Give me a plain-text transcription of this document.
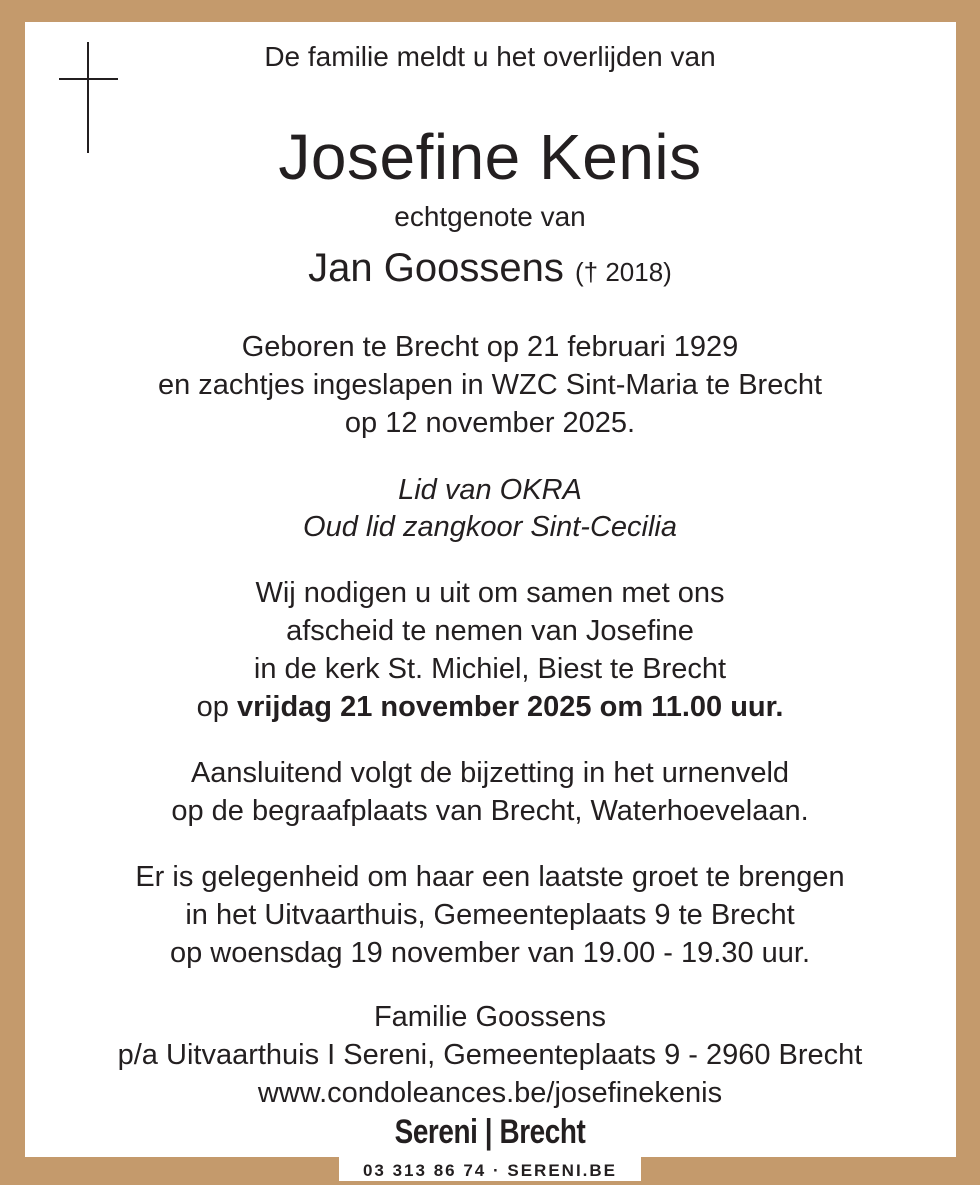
De familie meldt u het overlijden van
Josefine Kenis
echtgenote van
Jan Goossens († 2018)
Geboren te Brecht op 21 februari 1929
en zachtjes ingeslapen in WZC Sint-Maria te Brecht
op 12 november 2025.
Lid van OKRA
Oud lid zangkoor Sint-Cecilia
Wij nodigen u uit om samen met ons
afscheid te nemen van Josefine
in de kerk St. Michiel, Biest te Brecht
op vrijdag 21 november 2025 om 11.00 uur.
Aansluitend volgt de bijzetting in het urnenveld
op de begraafplaats van Brecht, Waterhoevelaan.
Er is gelegenheid om haar een laatste groet te brengen
in het Uitvaarthuis, Gemeenteplaats 9 te Brecht
op woensdag 19 november van 19.00 - 19.30 uur.
Familie Goossens
p/a Uitvaarthuis I Sereni, Gemeenteplaats 9 - 2960 Brecht
www.condoleances.be/josefinekenis
Sereni | Brecht
03 313 86 74 · SERENI.BE
